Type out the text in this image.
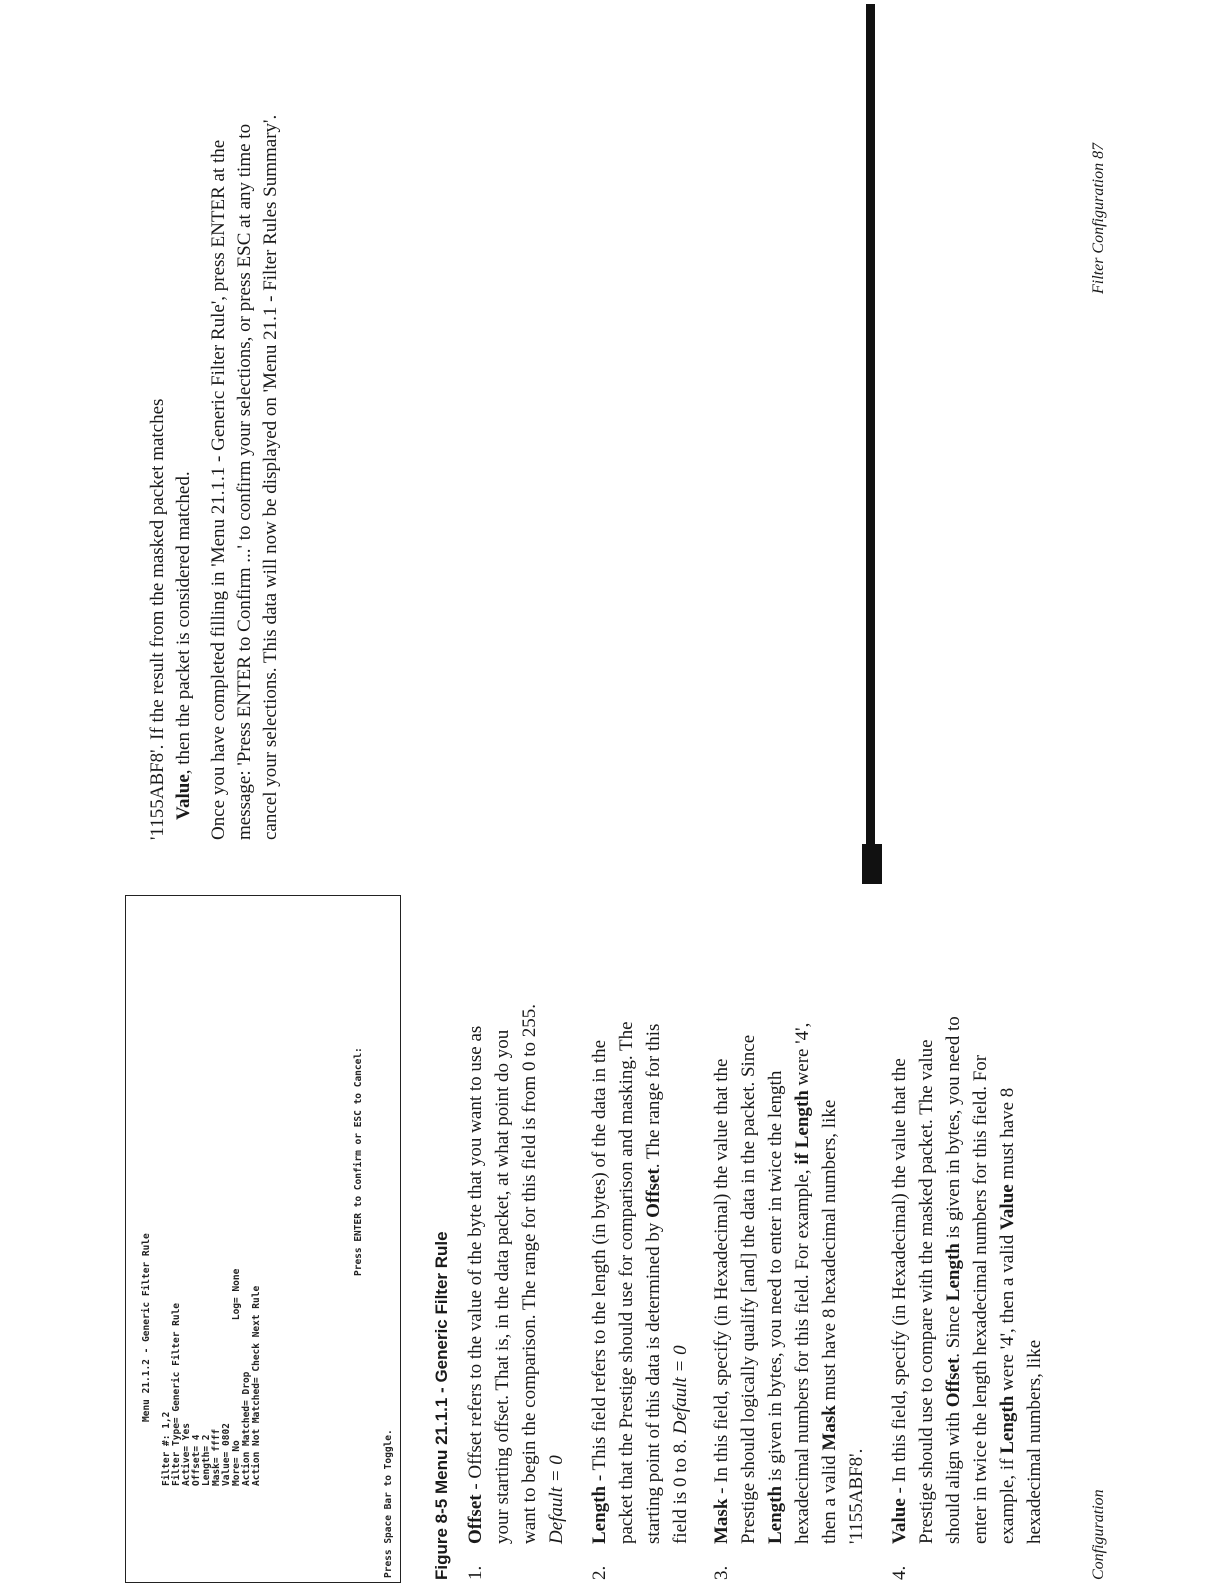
Menu 21.1.2 - Generic Filter Rule
Filter #: 1,2 Filter Type= Generic Filter Rule Active= Yes Offset= 4 Length= 2 Mask= ffff Value= 0802 More= No                     Log= None Action Matched= Drop Action Not Matched= Check Next Rule
Press ENTER to Confirm or ESC to Cancel:
Press Space Bar to Toggle. Figure 8-5 Menu 21.1.1 - Generic Filter Rule 1.
Offset - Offset refers to the value of the byte that you want to use as your starting offset. That is, in the data packet, at what point do you want to begin the comparison. The range for this field is from 0 to 255. Default = 0
2.
Length - This field refers to the length (in bytes) of the data in the packet that the Prestige should use for comparison and masking. The starting point of this data is determined by Offset. The range for this field is 0 to 8. Default = 0
3.
Mask - In this field, specify (in Hexadecimal) the value that the Prestige should logically qualify [and] the data in the packet. Since Length is given in bytes, you need to enter in twice the length hexadecimal numbers for this field. For example, if Length were '4', then a valid Mask must have 8 hexadecimal numbers, like '1155ABF8'.
4.
Value - In this field, specify (in Hexadecimal) the value that the Prestige should use to compare with the masked packet. The value should align with Offset. Since Length is given in bytes, you need to enter in twice the length hexadecimal numbers for this field. For example, if Length were '4', then a valid Value must have 8 hexadecimal numbers, like

'1155ABF8'. If the result from the masked packet matches Value, then the packet is considered matched. Once you have completed filling in 'Menu 21.1.1 - Generic Filter Rule', press ENTER at the message: 'Press ENTER to Confirm ...' to confirm your selections, or press ESC at any time to cancel your selections. This data will now be displayed on 'Menu 21.1 - Filter Rules Summary'.

Configuration
Filter Configuration 87
